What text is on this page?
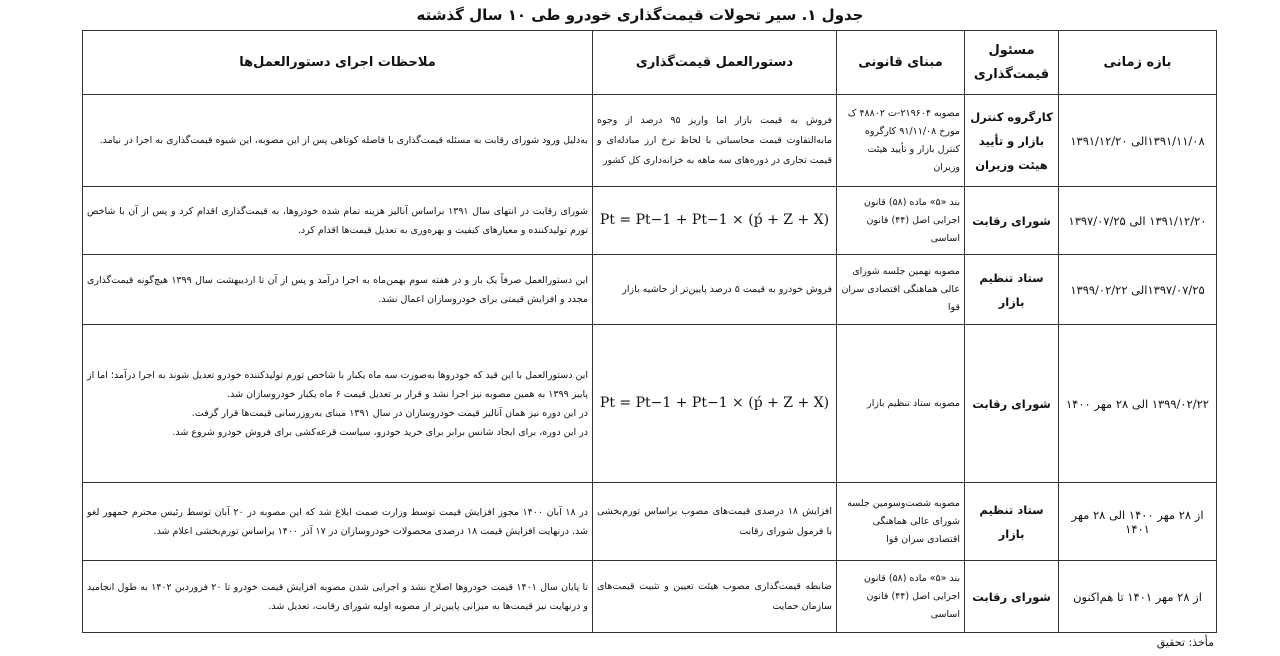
جدول ۱. سیر تحولات قیمت‌گذاری خودرو طی ۱۰ سال گذشته
بازه زمانی	مسئول قیمت‌گذاری	مبنای قانونی	دستورالعمل قیمت‌گذاری	ملاحظات اجرای دستورالعمل‌ها
۱۳۹۱/۱۱/۰۸الی ۱۳۹۱/۱۲/۲۰	کارگروه کنترل بازار و تأیید هیئت وزیران	مصوبه ۲۱۹۶۰۴-ت ۴۸۸۰۲ ک مورخ ۹۱/۱۱/۰۸ کارگروه کنترل بازار و تأیید هیئت وزیران	فروش به قیمت بازار اما واریز ۹۵ درصد از وجوه مابه‌التفاوت قیمت محاسباتی با لحاظ نرخ ارز مبادله‌ای و قیمت تجاری در دوره‌های سه ماهه به خزانه‌داری کل کشور	به‌دلیل ورود شورای رقابت به مسئله قیمت‌گذاری با فاصله کوتاهی پس از این مصوبه، این شیوه قیمت‌گذاری به اجرا در نیامد.

۱۳۹۱/۱۲/۲۰ الی ۱۳۹۷/۰۷/۲۵	شورای رقابت	بند «۵» ماده (۵۸) قانون اجرایی اصل (۴۴) قانون اساسی	Pt = Pt−1 + Pt−1 × (ṕ + Z + X)	شورای رقابت در انتهای سال ۱۳۹۱ براساس آنالیز هزینه تمام شده خودروها، به قیمت‌گذاری اقدام کرد و پس از آن با شاخص تورم تولیدکننده و معیارهای کیفیت و بهره‌وری به تعدیل قیمت‌ها اقدام کرد.

۱۳۹۷/۰۷/۲۵الی ۱۳۹۹/۰۲/۲۲	ستاد تنظیم بازار	مصوبه نهمین جلسه شورای عالی هماهنگی اقتصادی سران قوا	فروش خودرو به قیمت ۵ درصد پایین‌تر از حاشیه بازار	این دستورالعمل صرفاً یک بار و در هفته سوم بهمن‌ماه به اجرا درآمد و پس از آن تا اردیبهشت سال ۱۳۹۹ هیچ‌گونه قیمت‌گذاری مجدد و افزایش قیمتی برای خودروسازان اعمال نشد.

۱۳۹۹/۰۲/۲۲ الی ۲۸ مهر ۱۴۰۰	شورای رقابت	مصوبه ستاد تنظیم بازار	Pt = Pt−1 + Pt−1 × (ṕ + Z + X)	این دستورالعمل با این قید که خودروها به‌صورت سه ماه یکبار با شاخص تورم تولیدکننده خودرو تعدیل شوند به اجرا درآمد؛ اما از پاییز ۱۳۹۹ به همین مصوبه نیز اجرا نشد و قرار بر تعدیل قیمت ۶ ماه یکبار خودروسازان شد.

در این دوره نیز همان آنالیز قیمت خودروسازان در سال ۱۳۹۱ مبنای به‌روزرسانی قیمت‌ها قرار گرفت.

در این دوره، برای ایجاد شانس برابر برای خرید خودرو، سیاست قرعه‌کشی برای فروش خودرو شروع شد.

از ۲۸ مهر ۱۴۰۰ الی ۲۸ مهر ۱۴۰۱	ستاد تنظیم بازار	مصوبه شصت‌وسومین جلسه شورای عالی هماهنگی اقتصادی سران قوا	افزایش ۱۸ درصدی قیمت‌های مصوب براساس تورم‌بخشی با فرمول شورای رقابت	در ۱۸ آبان ۱۴۰۰ مجوز افزایش قیمت توسط وزارت صمت ابلاغ شد که این مصوبه در ۲۰ آبان توسط رئیس محترم جمهور لغو شد. درنهایت افزایش قیمت ۱۸ درصدی محصولات خودروسازان در ۱۷ آذر ۱۴۰۰ براساس تورم‌بخشی اعلام شد.

از ۲۸ مهر ۱۴۰۱ تا هم‌اکنون	شورای رقابت	بند «۵» ماده (۵۸) قانون اجرایی اصل (۴۴) قانون اساسی	ضابطه قیمت‌گذاری مصوب هیئت تعیین و تثبیت قیمت‌های سازمان حمایت	تا پایان سال ۱۴۰۱ قیمت خودروها اصلاح نشد و اجرایی شدن مصوبه افزایش قیمت خودرو تا ۲۰ فروردین ۱۴۰۲ به طول انجامید و درنهایت نیز قیمت‌ها به میزانی پایین‌تر از مصوبه اولیه شورای رقابت، تعدیل شد.

مأخذ: تحقیق
